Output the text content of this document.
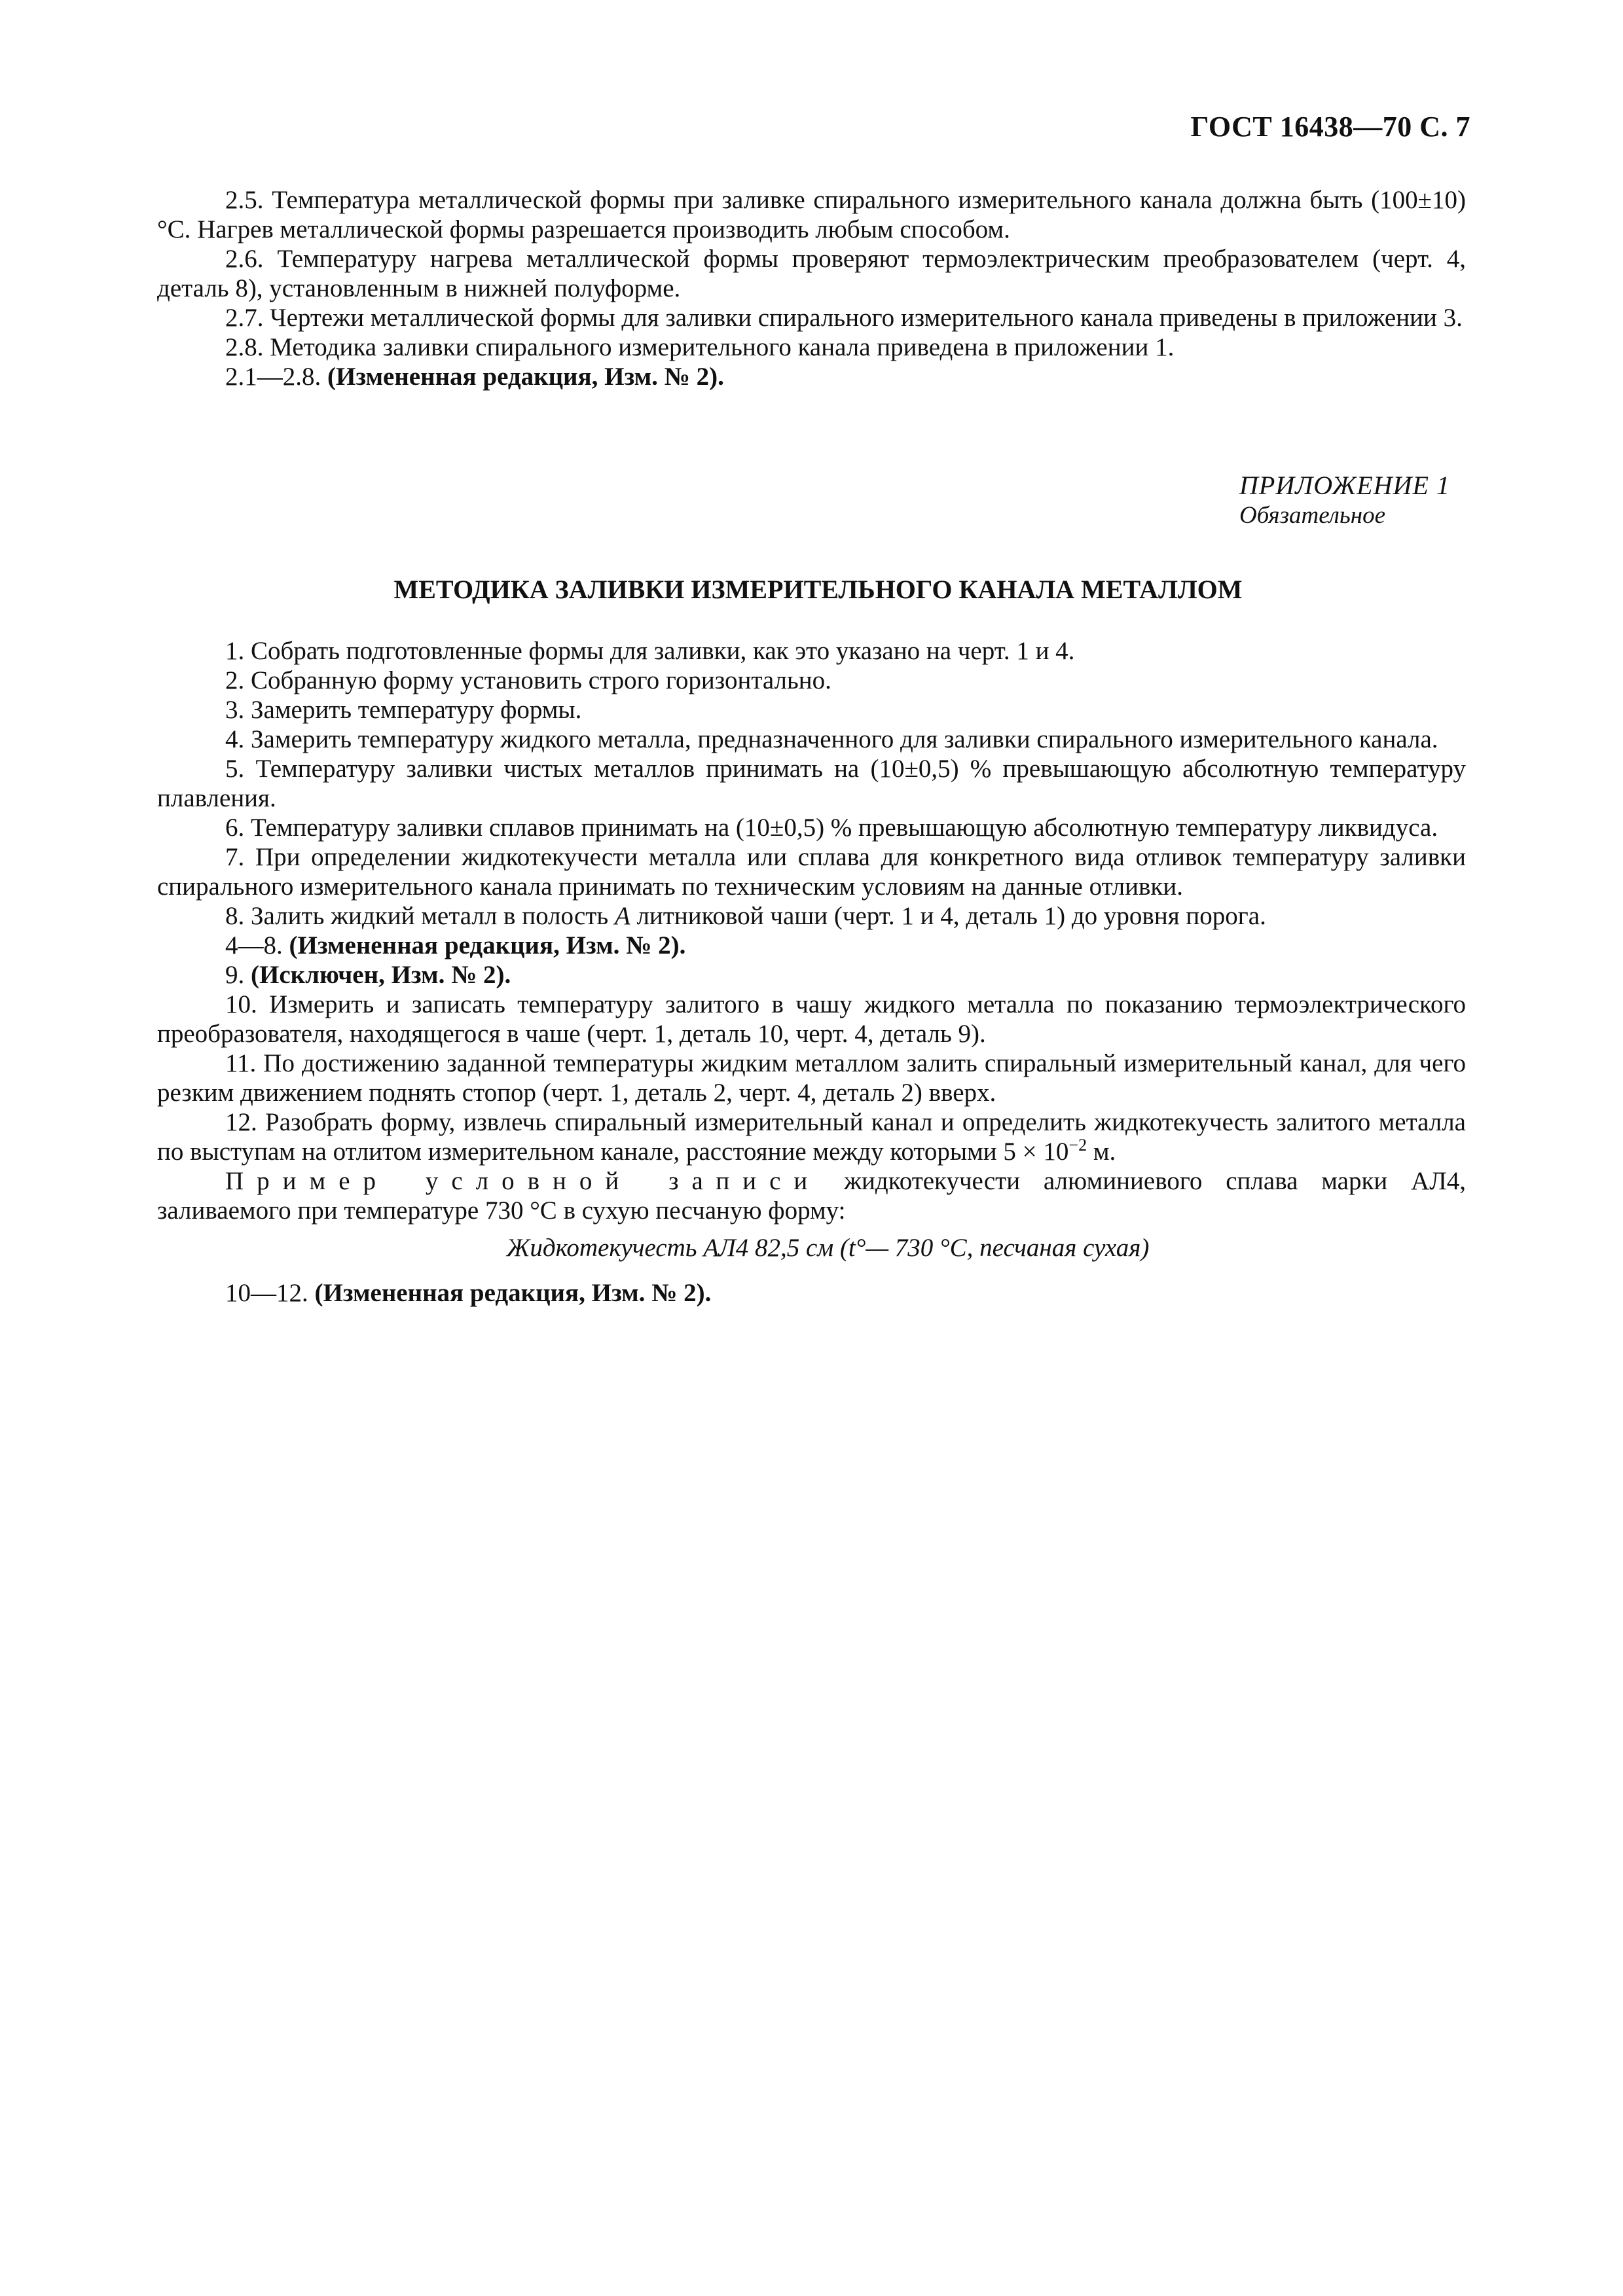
ГОСТ 16438—70 С. 7

2.5. Температура металлической формы при заливке спирального измерительного канала должна быть (100±10) °С. Нагрев металлической формы разрешается производить любым способом.

2.6. Температуру нагрева металлической формы проверяют термоэлектрическим преобразователем (черт. 4, деталь 8), установленным в нижней полуформе.

2.7. Чертежи металлической формы для заливки спирального измерительного канала приведены в приложении 3.

2.8. Методика заливки спирального измерительного канала приведена в приложении 1.

2.1—2.8. (Измененная редакция, Изм. № 2).

ПРИЛОЖЕНИЕ 1
Обязательное
МЕТОДИКА ЗАЛИВКИ ИЗМЕРИТЕЛЬНОГО КАНАЛА МЕТАЛЛОМ

1. Собрать подготовленные формы для заливки, как это указано на черт. 1 и 4.

2. Собранную форму установить строго горизонтально.

3. Замерить температуру формы.

4. Замерить температуру жидкого металла, предназначенного для заливки спирального измерительного канала.

5. Температуру заливки чистых металлов принимать на (10±0,5) % превышающую абсолютную температуру плавления.

6. Температуру заливки сплавов принимать на (10±0,5) % превышающую абсолютную температуру ликвидуса.

7. При определении жидкотекучести металла или сплава для конкретного вида отливок температуру заливки спирального измерительного канала принимать по техническим условиям на данные отливки.

8. Залить жидкий металл в полость А литниковой чаши (черт. 1 и 4, деталь 1) до уровня порога.

4—8. (Измененная редакция, Изм. № 2).

9. (Исключен, Изм. № 2).

10. Измерить и записать температуру залитого в чашу жидкого металла по показанию термоэлектрического преобразователя, находящегося в чаше (черт. 1, деталь 10, черт. 4, деталь 9).

11. По достижению заданной температуры жидким металлом залить спиральный измерительный канал, для чего резким движением поднять стопор (черт. 1, деталь 2, черт. 4, деталь 2) вверх.

12. Разобрать форму, извлечь спиральный измерительный канал и определить жидкотекучесть залитого металла по выступам на отлитом измерительном канале, расстояние между которыми $5 \times 10^{-2}$ м.

Пример условной записи жидкотекучести алюминиевого сплава марки АЛ4, заливаемого при температуре 730 °С в сухую песчаную форму:

Жидкотекучесть АЛ4 82,5 см (t°— 730 °С, песчаная сухая)

10—12. (Измененная редакция, Изм. № 2).
